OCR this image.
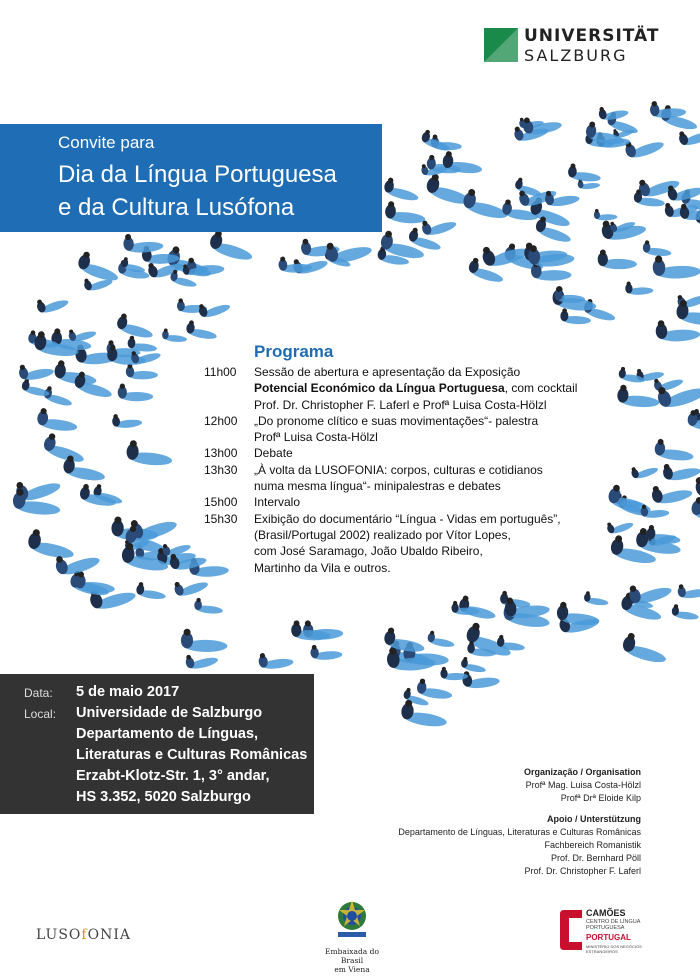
UNIVERSITÄT
SALZBURG
Convite para
Dia da Língua Portuguesa
e da Cultura Lusófona
Programa
11h00	Sessão de abertura e apresentação da Exposição
Potencial Económico da Língua Portuguesa, com cocktail
Prof. Dr. Christopher F. Laferl e Profª Luisa Costa-Hölzl
12h00	„Do pronome clítico e suas movimentações“- palestra
Profª Luisa Costa-Hölzl
13h00	Debate
13h30	„À volta da LUSOFONIA: corpos, culturas e cotidianos
numa mesma língua“- minipalestras e debates
15h00	Intervalo
15h30	Exibição do documentário “Língua - Vidas em português”,
(Brasil/Portugal 2002) realizado por Vítor Lopes,
com José Saramago, João Ubaldo Ribeiro,
Martinho da Vila e outros.
Data: 5 de maio 2017
Local: Universidade de Salzburgo
Departamento de Línguas,
Literaturas e Culturas Românicas
Erzabt-Klotz-Str. 1, 3° andar,
HS 3.352, 5020 Salzburgo
Organização / Organisation
Profª Mag. Luisa Costa-Hölzl
Profª Drª Eloide Kilp
Apoio / Unterstützung
Departamento de Línguas, Literaturas e Culturas Românicas
Fachbereich Romanistik
Prof. Dr. Bernhard Pöll
Prof. Dr. Christopher F. Laferl
LUSOfONIA
Embaixada do Brasil
em Viena
CAMÕES
CENTRO DE LÍNGUA PORTUGUESA
PORTUGAL
MINISTÉRIO DOS NEGÓCIOS ESTRANGEIROS
